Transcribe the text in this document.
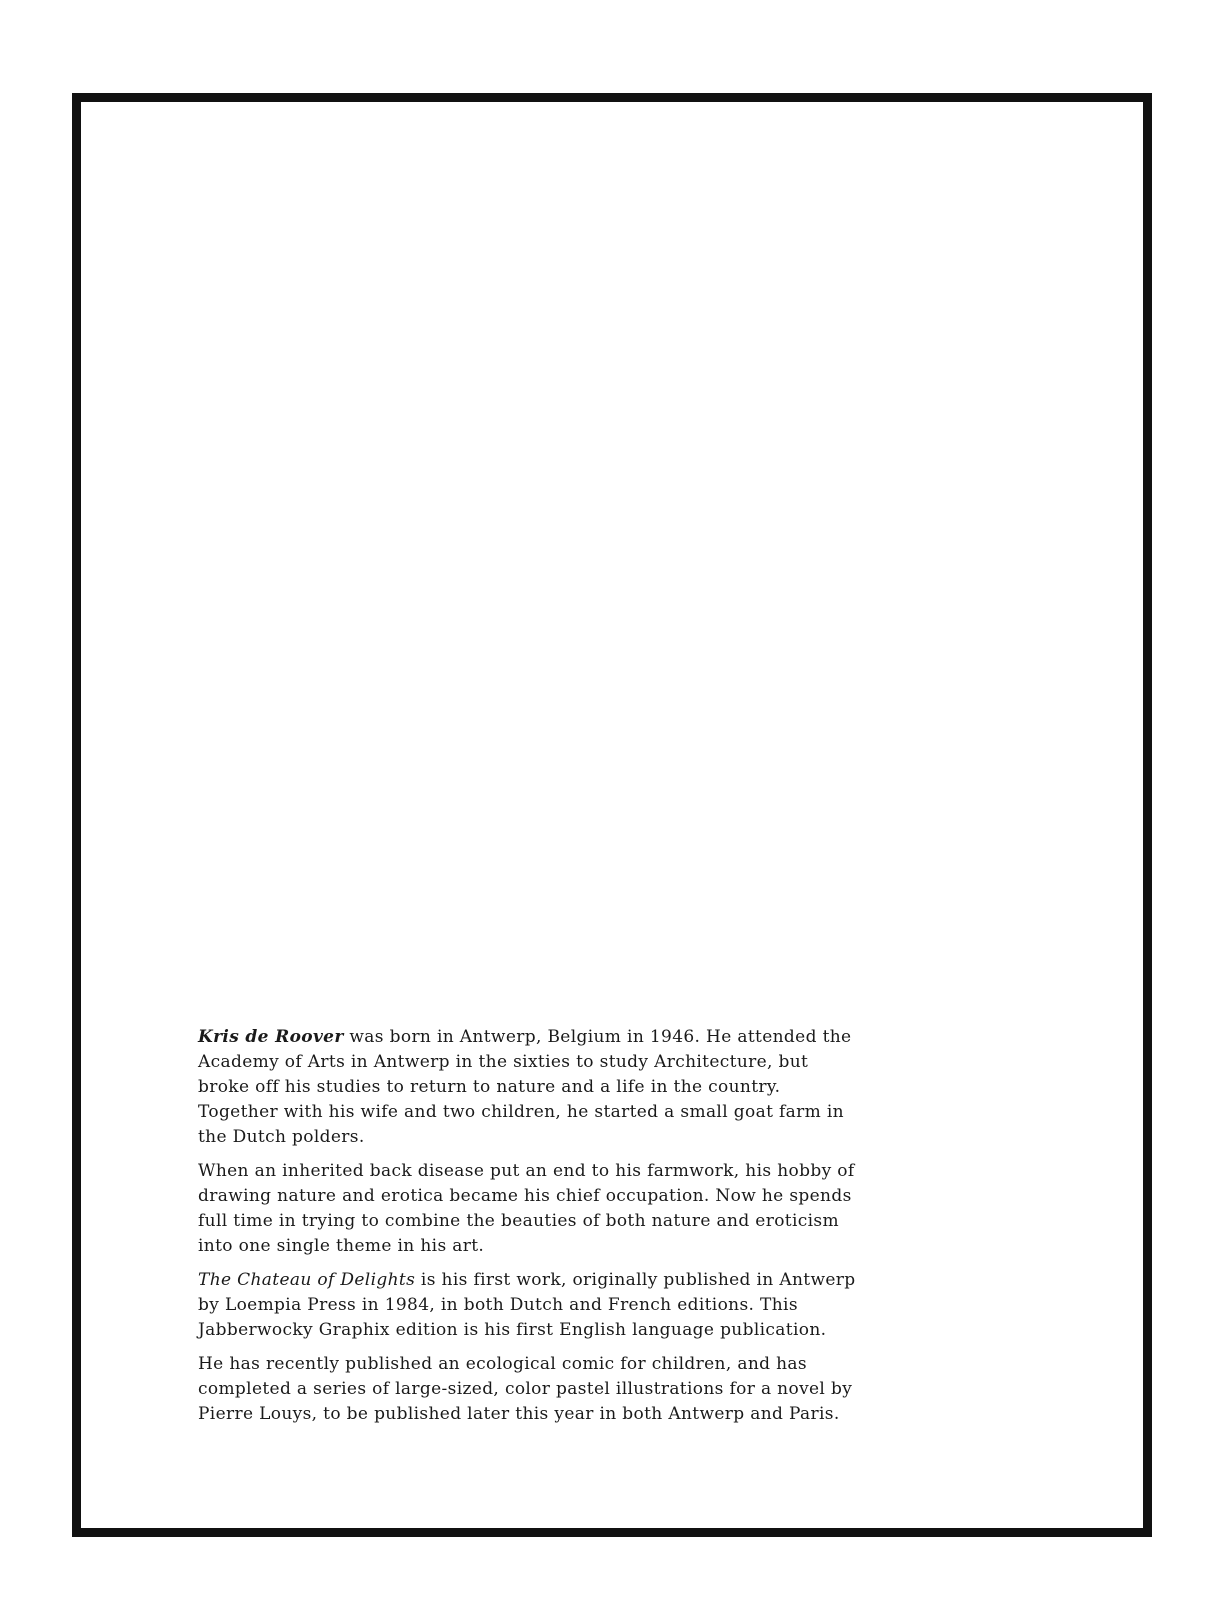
Kris de Roover was born in Antwerp, Belgium in 1946. He attended the
Academy of Arts in Antwerp in the sixties to study Architecture, but
broke off his studies to return to nature and a life in the country.
Together with his wife and two children, he started a small goat farm in
the Dutch polders.

When an inherited back disease put an end to his farmwork, his hobby of
drawing nature and erotica became his chief occupation. Now he spends
full time in trying to combine the beauties of both nature and eroticism
into one single theme in his art.

The Chateau of Delights is his first work, originally published in Antwerp
by Loempia Press in 1984, in both Dutch and French editions. This
Jabberwocky Graphix edition is his first English language publication.

He has recently published an ecological comic for children, and has
completed a series of large-sized, color pastel illustrations for a novel by
Pierre Louys, to be published later this year in both Antwerp and Paris.
